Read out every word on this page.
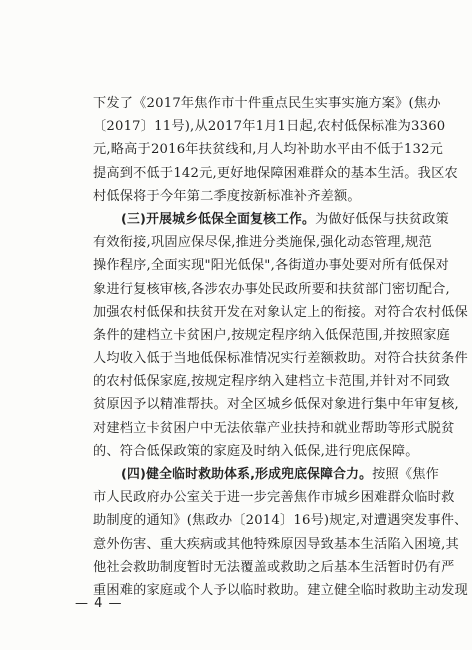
下发了《2017年焦作市十件重点民生实事实施方案》(焦办
〔2017〕11号),从2017年1月1日起,农村低保标准为3360
元,略高于2016年扶贫线和,月人均补助水平由不低于132元
提高到不低于142元,更好地保障困难群众的基本生活。我区农
村低保将于今年第二季度按新标准补齐差额。
(三)开展城乡低保全面复核工作。为做好低保与扶贫政策
有效衔接,巩固应保尽保,推进分类施保,强化动态管理,规范
操作程序,全面实现"阳光低保",各街道办事处要对所有低保对
象进行复核审核,各涉农办事处民政所要和扶贫部门密切配合,
加强农村低保和扶贫开发在对象认定上的衔接。对符合农村低保
条件的建档立卡贫困户,按规定程序纳入低保范围,并按照家庭
人均收入低于当地低保标准情况实行差额救助。对符合扶贫条件
的农村低保家庭,按规定程序纳入建档立卡范围,并针对不同致
贫原因予以精准帮扶。对全区城乡低保对象进行集中年审复核,
对建档立卡贫困户中无法依靠产业扶持和就业帮助等形式脱贫
的、符合低保政策的家庭及时纳入低保,进行兜底保障。
(四)健全临时救助体系,形成兜底保障合力。按照《焦作
市人民政府办公室关于进一步完善焦作市城乡困难群众临时救
助制度的通知》(焦政办〔2014〕16号)规定,对遭遇突发事件、
意外伤害、重大疾病或其他特殊原因导致基本生活陷入困境,其
他社会救助制度暂时无法覆盖或救助之后基本生活暂时仍有严
重困难的家庭或个人予以临时救助。建立健全临时救助主动发现
— 4 —
